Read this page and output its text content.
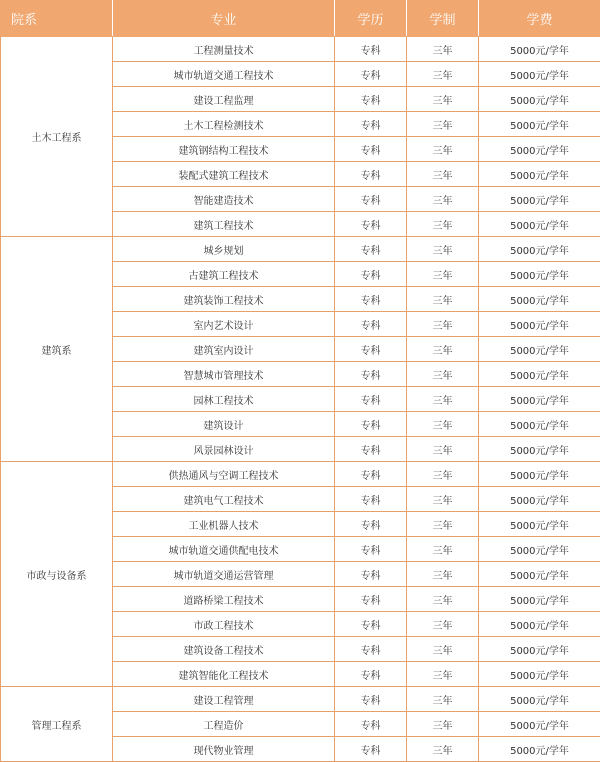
院系	专业	学历	学制	学费
土木工程系	工程测量技术	专科	三年	5000元/学年
	城市轨道交通工程技术	专科	三年	5000元/学年
	建设工程监理	专科	三年	5000元/学年
	土木工程检测技术	专科	三年	5000元/学年
	建筑钢结构工程技术	专科	三年	5000元/学年
	装配式建筑工程技术	专科	三年	5000元/学年
	智能建造技术	专科	三年	5000元/学年
	建筑工程技术	专科	三年	5000元/学年
建筑系	城乡规划	专科	三年	5000元/学年
	古建筑工程技术	专科	三年	5000元/学年
	建筑装饰工程技术	专科	三年	5000元/学年
	室内艺术设计	专科	三年	5000元/学年
	建筑室内设计	专科	三年	5000元/学年
	智慧城市管理技术	专科	三年	5000元/学年
	园林工程技术	专科	三年	5000元/学年
	建筑设计	专科	三年	5000元/学年
	风景园林设计	专科	三年	5000元/学年
市政与设备系	供热通风与空调工程技术	专科	三年	5000元/学年
	建筑电气工程技术	专科	三年	5000元/学年
	工业机器人技术	专科	三年	5000元/学年
	城市轨道交通供配电技术	专科	三年	5000元/学年
	城市轨道交通运营管理	专科	三年	5000元/学年
	道路桥梁工程技术	专科	三年	5000元/学年
	市政工程技术	专科	三年	5000元/学年
	建筑设备工程技术	专科	三年	5000元/学年
	建筑智能化工程技术	专科	三年	5000元/学年
管理工程系	建设工程管理	专科	三年	5000元/学年
	工程造价	专科	三年	5000元/学年
	现代物业管理	专科	三年	5000元/学年
